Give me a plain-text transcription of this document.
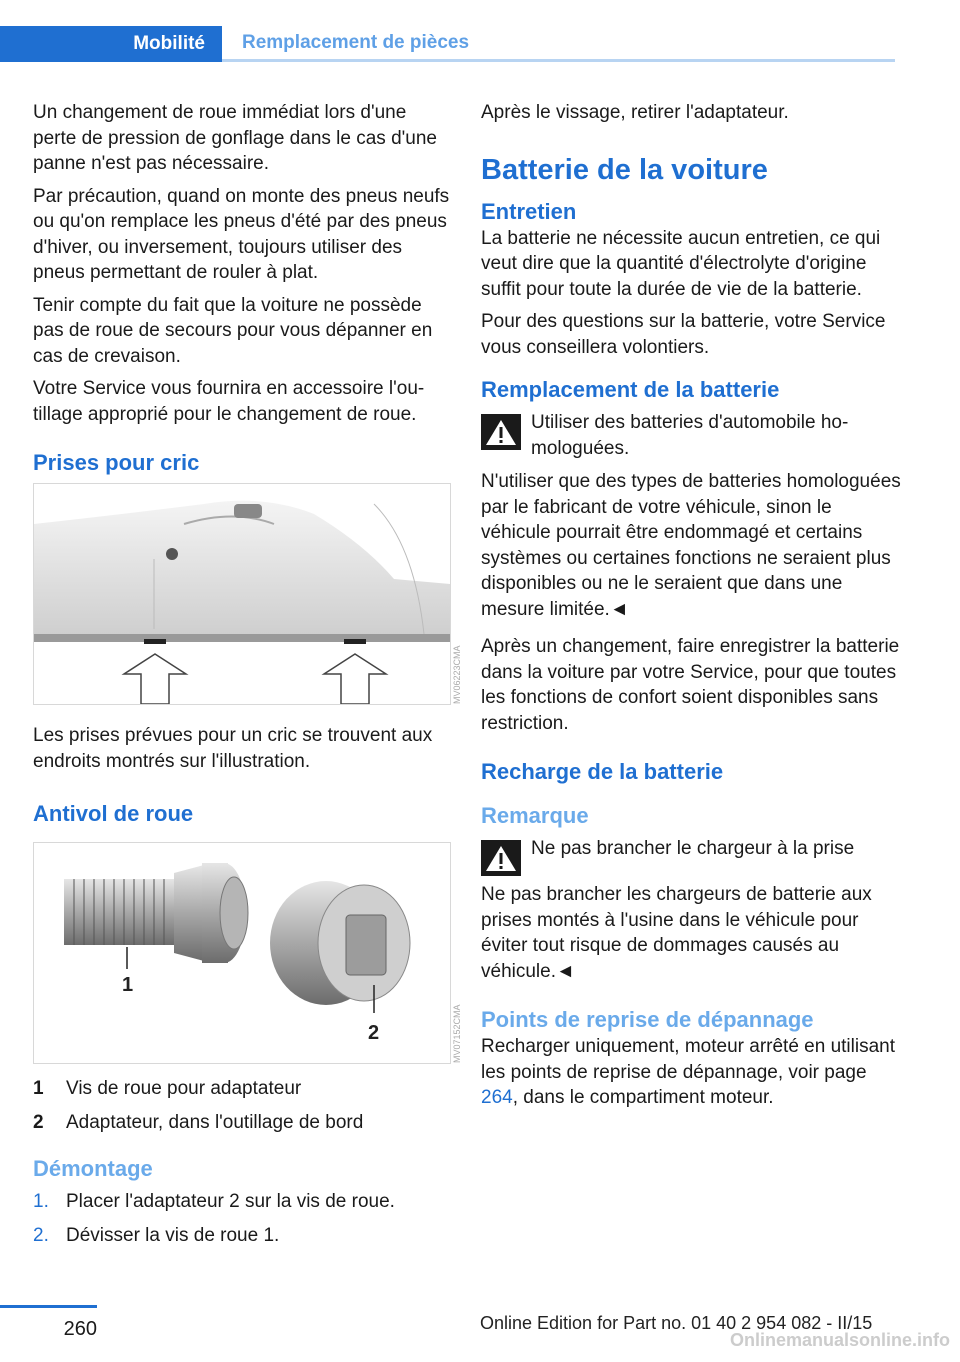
Mobilité	Remplacement de pièces

Un changement de roue immédiat lors d'une perte de pression de gonflage dans le cas d'une panne n'est pas nécessaire.

Par précaution, quand on monte des pneus neufs ou qu'on remplace les pneus d'été par des pneus d'hiver, ou inversement, toujours utiliser des pneus permettant de rouler à plat.

Tenir compte du fait que la voiture ne possède pas de roue de secours pour vous dépanner en cas de crevaison.

Votre Service vous fournira en accessoire l'outillage approprié pour le changement de roue.

Prises pour cric
MV06223CMA

Les prises prévues pour un cric se trouvent aux endroits montrés sur l'illustration.

Antivol de roue
1
2	MV07152CMA
1	Vis de roue pour adaptateur
2	Adaptateur, dans l'outillage de bord
Démontage
1. Placer l'adaptateur 2 sur la vis de roue.
2. Dévisser la vis de roue 1.

Après le vissage, retirer l'adaptateur.

Batterie de la voiture
Entretien

La batterie ne nécessite aucun entretien, ce qui veut dire que la quantité d'électrolyte d'origine suffit pour toute la durée de vie de la batterie.

Pour des questions sur la batterie, votre Service vous conseillera volontiers.

Remplacement de la batterie

Utiliser des batteries d'automobile homologuées.

N'utiliser que des types de batteries homologuées par le fabricant de votre véhicule, sinon le véhicule pourrait être endommagé et certains systèmes ou certaines fonctions ne seraient plus disponibles ou ne le seraient que dans une mesure limitée.◄

Après un changement, faire enregistrer la batterie dans la voiture par votre Service, pour que toutes les fonctions de confort soient disponibles sans restriction.

Recharge de la batterie
Remarque

Ne pas brancher le chargeur à la prise

Ne pas brancher les chargeurs de batterie aux prises montés à l'usine dans le véhicule pour éviter tout risque de dommages causés au véhicule.◄

Points de reprise de dépannage

Recharger uniquement, moteur arrêté en utilisant les points de reprise de dépannage, voir page 264, dans le compartiment moteur.

260	Online Edition for Part no. 01 40 2 954 082 - II/15
Onlinemanualsonline.info
